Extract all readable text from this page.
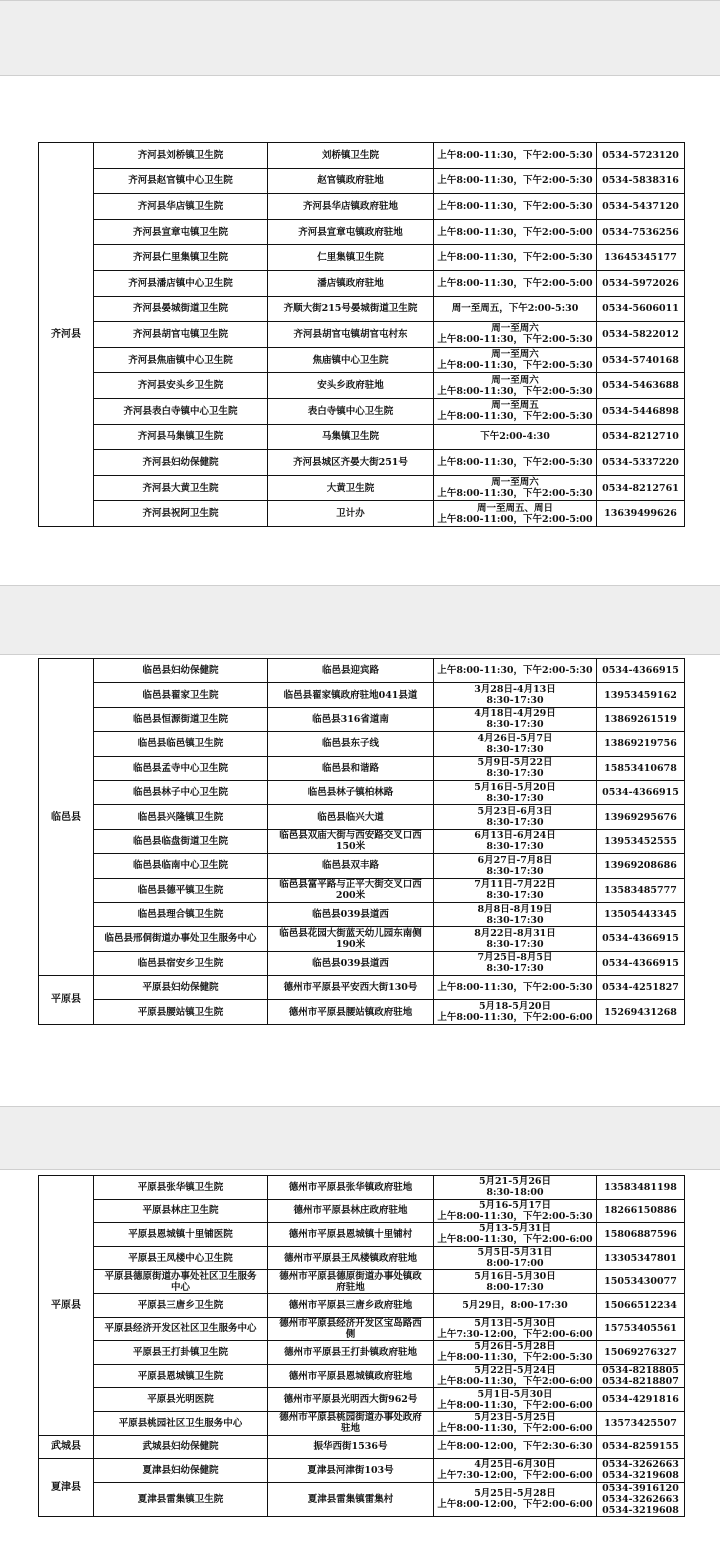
齐河县	齐河县刘桥镇卫生院	刘桥镇卫生院	上午8:00-11:30，下午2:00-5:30	0534-5723120
	齐河县赵官镇中心卫生院	赵官镇政府驻地	上午8:00-11:30，下午2:00-5:30	0534-5838316
	齐河县华店镇卫生院	齐河县华店镇政府驻地	上午8:00-11:30，下午2:00-5:30	0534-5437120
	齐河县宣章屯镇卫生院	齐河县宣章屯镇政府驻地	上午8:00-11:30，下午2:00-5:00	0534-7536256
	齐河县仁里集镇卫生院	仁里集镇卫生院	上午8:00-11:30，下午2:00-5:30	13645345177
	齐河县潘店镇中心卫生院	潘店镇政府驻地	上午8:00-11:30，下午2:00-5:00	0534-5972026
	齐河县晏城街道卫生院	齐顺大街215号晏城街道卫生院	周一至周五，下午2:00-5:30	0534-5606011
	齐河县胡官屯镇卫生院	齐河县胡官屯镇胡官屯村东	周一至周六
上午8:00-11:30，下午2:00-5:30	0534-5822012
	齐河县焦庙镇中心卫生院	焦庙镇中心卫生院	周一至周六
上午8:00-11:30，下午2:00-5:30	0534-5740168
	齐河县安头乡卫生院	安头乡政府驻地	周一至周六
上午8:00-11:30，下午2:00-5:30	0534-5463688
	齐河县表白寺镇中心卫生院	表白寺镇中心卫生院	周一至周五
上午8:00-11:30，下午2:00-5:30	0534-5446898
	齐河县马集镇卫生院	马集镇卫生院	下午2:00-4:30	0534-8212710
	齐河县妇幼保健院	齐河县城区齐晏大街251号	上午8:00-11:30，下午2:00-5:30	0534-5337220
	齐河县大黄卫生院	大黄卫生院	周一至周六
上午8:00-11:30，下午2:00-5:30	0534-8212761
	齐河县祝阿卫生院	卫计办	周一至周五、周日
上午8:00-11:00，下午2:00-5:00	13639499626
临邑县	临邑县妇幼保健院	临邑县迎宾路	上午8:00-11:30，下午2:00-5:30	0534-4366915
	临邑县翟家卫生院	临邑县翟家镇政府驻地041县道	3月28日-4月13日
8:30-17:30	13953459162
	临邑县恒源街道卫生院	临邑县316省道南	4月18日-4月29日
8:30-17:30	13869261519
	临邑县临邑镇卫生院	临邑县东子线	4月26日-5月7日
8:30-17:30	13869219756
	临邑县孟寺中心卫生院	临邑县和谐路	5月9日-5月22日
8:30-17:30	15853410678
	临邑县林子中心卫生院	临邑县林子镇柏林路	5月16日-5月20日
8:30-17:30	0534-4366915
	临邑县兴隆镇卫生院	临邑县临兴大道	5月23日-6月3日
8:30-17:30	13969295676
	临邑县临盘街道卫生院	临邑县双庙大街与西安路交叉口西
150米	6月13日-6月24日
8:30-17:30	13953452555
	临邑县临南中心卫生院	临邑县双丰路	6月27日-7月8日
8:30-17:30	13969208686
	临邑县德平镇卫生院	临邑县富平路与正平大街交叉口西
200米	7月11日-7月22日
8:30-17:30	13583485777
	临邑县理合镇卫生院	临邑县039县道西	8月8日-8月19日
8:30-17:30	13505443345
	临邑县邢侗街道办事处卫生服务中心	临邑县花园大街蓝天幼儿园东南侧
190米	8月22日-8月31日
8:30-17:30	0534-4366915
	临邑县宿安乡卫生院	临邑县039县道西	7月25日-8月5日
8:30-17:30	0534-4366915
平原县	平原县妇幼保健院	德州市平原县平安西大街130号	上午8:00-11:30，下午2:00-5:30	0534-4251827
	平原县腰站镇卫生院	德州市平原县腰站镇政府驻地	5月18-5月20日
上午8:00-11:30，下午2:00-6:00	15269431268
平原县	平原县张华镇卫生院	德州市平原县张华镇政府驻地	5月21-5月26日
8:30-18:00	13583481198
	平原县林庄卫生院	德州市平原县林庄政府驻地	5月16-5月17日
上午8:00-11:30，下午2:00-5:30	18266150886
	平原县恩城镇十里铺医院	德州市平原县恩城镇十里铺村	5月13-5月31日
上午8:00-11:30，下午2:00-6:00	15806887596
	平原县王凤楼中心卫生院	德州市平原县王凤楼镇政府驻地	5月5日-5月31日
8:00-17:00	13305347801
	平原县德原街道办事处社区卫生服务
中心	德州市平原县德原街道办事处镇政
府驻地	5月16日-5月30日
8:00-17:30	15053430077
	平原县三唐乡卫生院	德州市平原县三唐乡政府驻地	5月29日，8:00-17:30	15066512234
	平原县经济开发区社区卫生服务中心	德州市平原县经济开发区宝岛路西
侧	5月13日-5月30日
上午7:30-12:00，下午2:00-6:00	15753405561
	平原县王打卦镇卫生院	德州市平原县王打卦镇政府驻地	5月26日-5月28日
上午8:00-11:30，下午2:00-5:30	15069276327
	平原县恩城镇卫生院	德州市平原县恩城镇政府驻地	5月22日-5月24日
上午8:00-11:30，下午2:00-6:00	0534-8218805
0534-8218807
	平原县光明医院	德州市平原县光明西大街962号	5月1日-5月30日
上午8:00-11:30，下午2:00-6:00	0534-4291816
	平原县桃园社区卫生服务中心	德州市平原县桃园街道办事处政府
驻地	5月23日-5月25日
上午8:00-11:30，下午2:00-6:00	13573425507
武城县	武城县妇幼保健院	振华西街1536号	上午8:00-12:00，下午2:30-6:30	0534-8259155
夏津县	夏津县妇幼保健院	夏津县河津街103号	4月25日-6月30日
上午7:30-12:00，下午2:00-6:00	0534-3262663
0534-3219608
	夏津县雷集镇卫生院	夏津县雷集镇雷集村	5月25日-5月28日
上午8:00-12:00，下午2:00-6:00	0534-3916120
0534-3262663
0534-3219608
